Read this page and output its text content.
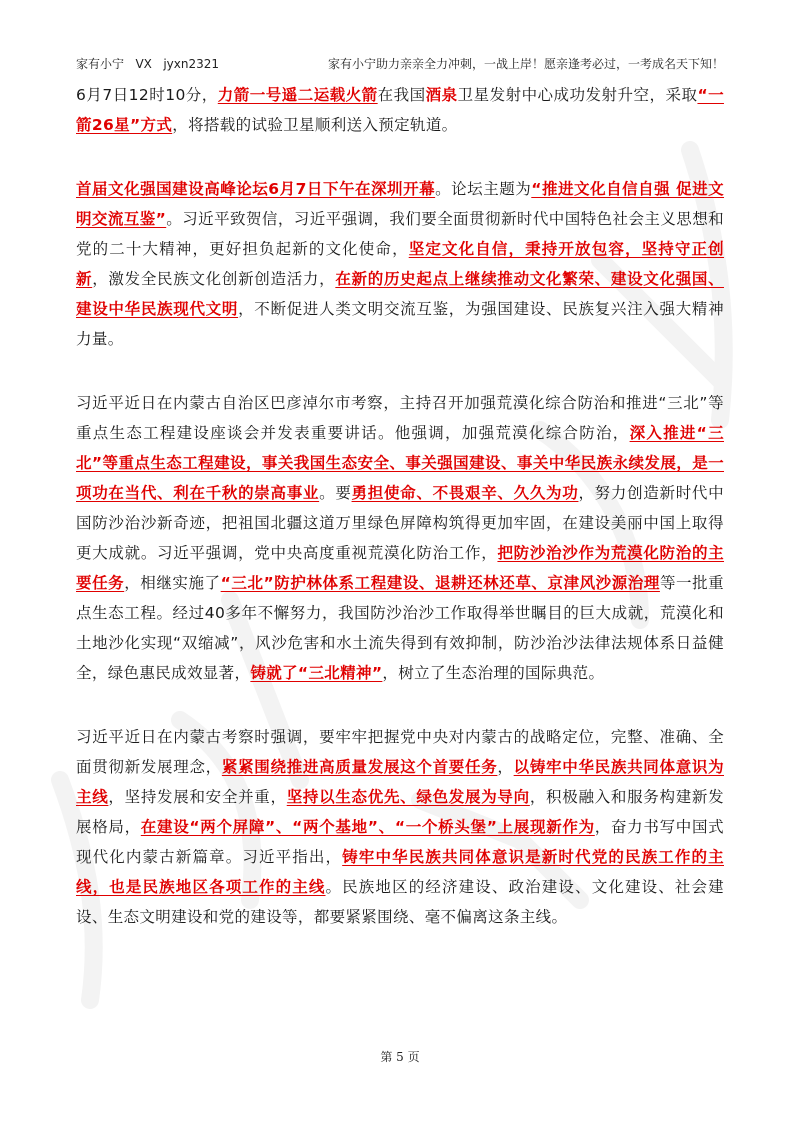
家有小宁   VX   jyxn2321	家有小宁助力亲亲全力冲刺，一战上岸！愿亲逢考必过，一考成名天下知！

6月7日12时10分，力箭一号遥二运载火箭在我国酒泉卫星发射中心成功发射升空，采取“一箭26星”方式，将搭载的试验卫星顺利送入预定轨道。

首届文化强国建设高峰论坛6月7日下午在深圳开幕。论坛主题为“推进文化自信自强 促进文明交流互鉴”。习近平致贺信，习近平强调，我们要全面贯彻新时代中国特色社会主义思想和党的二十大精神，更好担负起新的文化使命，坚定文化自信，秉持开放包容，坚持守正创新，激发全民族文化创新创造活力，在新的历史起点上继续推动文化繁荣、建设文化强国、建设中华民族现代文明，不断促进人类文明交流互鉴，为强国建设、民族复兴注入强大精神力量。

习近平近日在内蒙古自治区巴彦淖尔市考察，主持召开加强荒漠化综合防治和推进“三北”等重点生态工程建设座谈会并发表重要讲话。他强调，加强荒漠化综合防治，深入推进“三北”等重点生态工程建设，事关我国生态安全、事关强国建设、事关中华民族永续发展，是一项功在当代、利在千秋的崇高事业。要勇担使命、不畏艰辛、久久为功，努力创造新时代中国防沙治沙新奇迹，把祖国北疆这道万里绿色屏障构筑得更加牢固，在建设美丽中国上取得更大成就。习近平强调，党中央高度重视荒漠化防治工作，把防沙治沙作为荒漠化防治的主要任务，相继实施了“三北”防护林体系工程建设、退耕还林还草、京津风沙源治理等一批重点生态工程。经过40多年不懈努力，我国防沙治沙工作取得举世瞩目的巨大成就，荒漠化和土地沙化实现“双缩减”，风沙危害和水土流失得到有效抑制，防沙治沙法律法规体系日益健全，绿色惠民成效显著，铸就了“三北精神”，树立了生态治理的国际典范。

习近平近日在内蒙古考察时强调，要牢牢把握党中央对内蒙古的战略定位，完整、准确、全面贯彻新发展理念，紧紧围绕推进高质量发展这个首要任务，以铸牢中华民族共同体意识为主线，坚持发展和安全并重，坚持以生态优先、绿色发展为导向，积极融入和服务构建新发展格局，在建设“两个屏障”、“两个基地”、“一个桥头堡”上展现新作为，奋力书写中国式现代化内蒙古新篇章。习近平指出，铸牢中华民族共同体意识是新时代党的民族工作的主线，也是民族地区各项工作的主线。民族地区的经济建设、政治建设、文化建设、社会建设、生态文明建设和党的建设等，都要紧紧围绕、毫不偏离这条主线。

第 5 页
